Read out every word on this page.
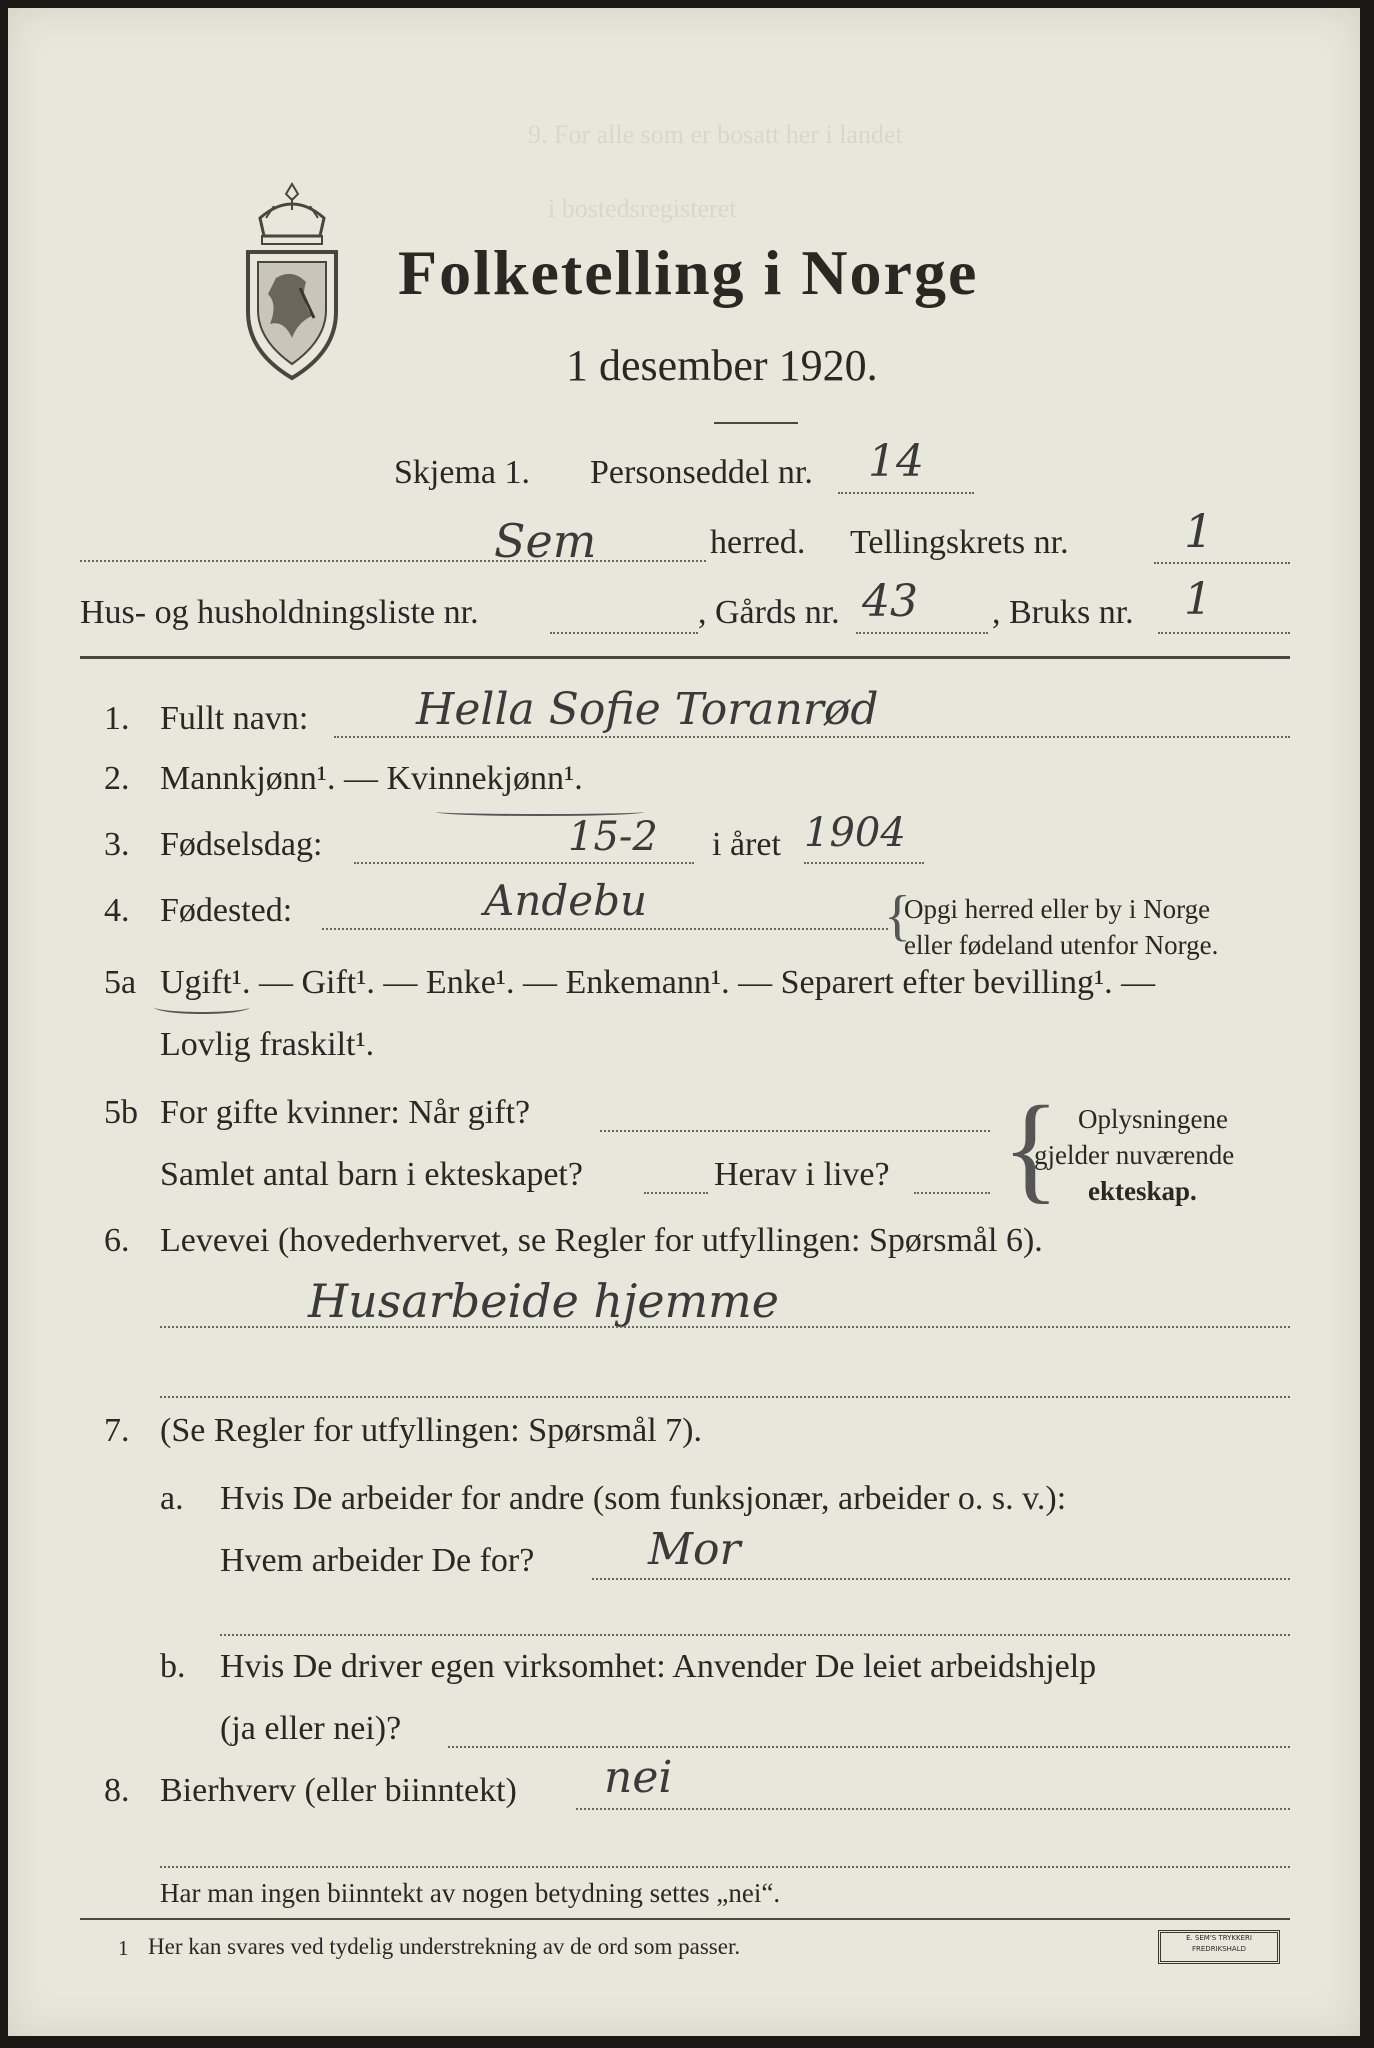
9. For alle som er bosatt her i landet
i bostedsregisteret
Folketelling i Norge
1 desember 1920.
Skjema 1. Personseddel nr. 14
Sem	herred. Tellingskrets nr.	1
Hus- og husholdningsliste nr.	, Gårds nr. 43 , Bruks nr. 1
1. Fullt navn: Hella Sofie Toranrød
2. Mannkjønn¹. — Kvinnekjønn¹.
3. Fødselsdag:	15-2 i året 1904
4. Fødested:	Andebu	{
Opgi herred eller by i Norge
eller fødeland utenfor Norge.
5a Ugift¹. — Gift¹. — Enke¹. — Enkemann¹. — Separert efter bevilling¹. —
Lovlig fraskilt¹.
5b For gifte kvinner: Når gift?
Samlet antal barn i ekteskapet?	Herav i live? { Oplysningene
gjelder nuværende
ekteskap.
6. Levevei (hovederhvervet, se Regler for utfyllingen: Spørsmål 6).
Husarbeide hjemme
7. (Se Regler for utfyllingen: Spørsmål 7).
a. Hvis De arbeider for andre (som funksjonær, arbeider o. s. v.):
Hvem arbeider De for?	Mor
b. Hvis De driver egen virksomhet: Anvender De leiet arbeidshjelp
(ja eller nei)?
8. Bierhverv (eller biinntekt) nei
Har man ingen biinntekt av nogen betydning settes „nei“.
1 Her kan svares ved tydelig understrekning av de ord som passer.	E. SEM'S TRYKKERI FREDRIKSHALD
